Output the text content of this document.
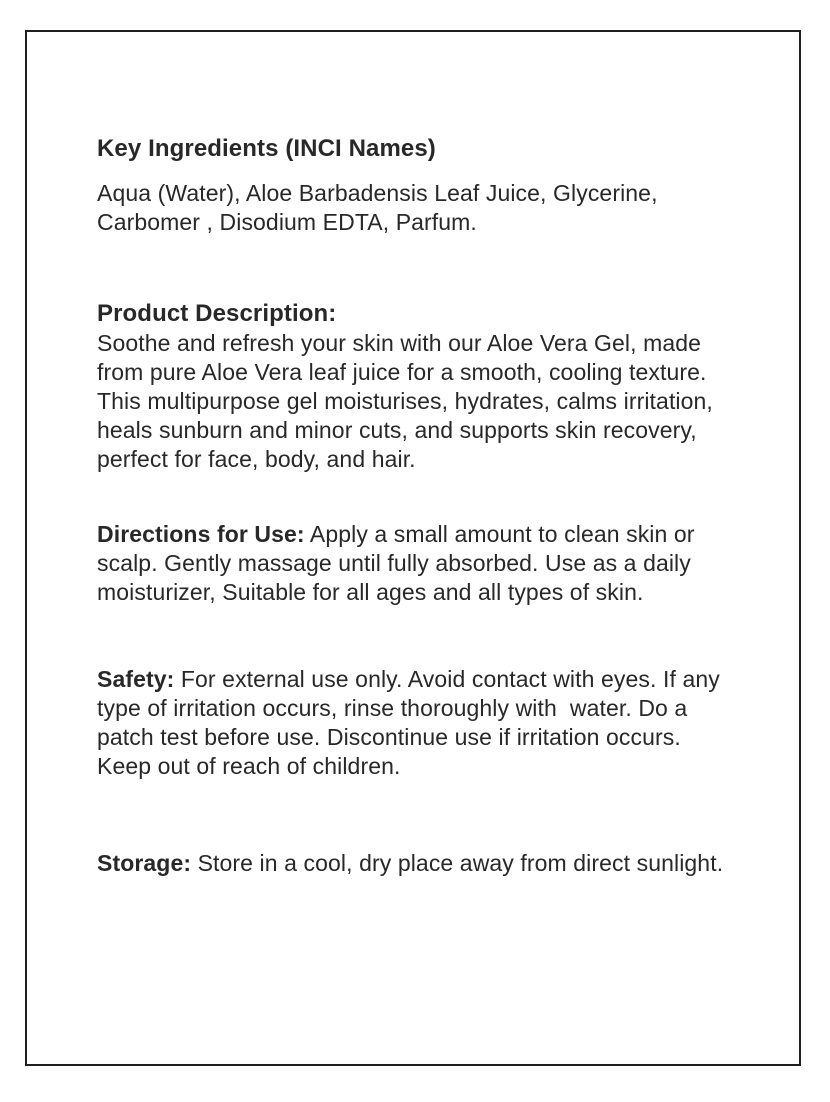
Key Ingredients (INCI Names)

Aqua (Water), Aloe Barbadensis Leaf Juice, Glycerine, Carbomer , Disodium EDTA, Parfum.

Product Description:

Soothe and refresh your skin with our Aloe Vera Gel, made from pure Aloe Vera leaf juice for a smooth, cooling texture. This multipurpose gel moisturises, hydrates, calms irritation, heals sunburn and minor cuts, and supports skin recovery, perfect for face, body, and hair.

Directions for Use: Apply a small amount to clean skin or scalp. Gently massage until fully absorbed. Use as a daily moisturizer, Suitable for all ages and all types of skin.

Safety: For external use only. Avoid contact with eyes. If any type of irritation occurs, rinse thoroughly with  water. Do a patch test before use. Discontinue use if irritation occurs. Keep out of reach of children.

Storage: Store in a cool, dry place away from direct sunlight.
